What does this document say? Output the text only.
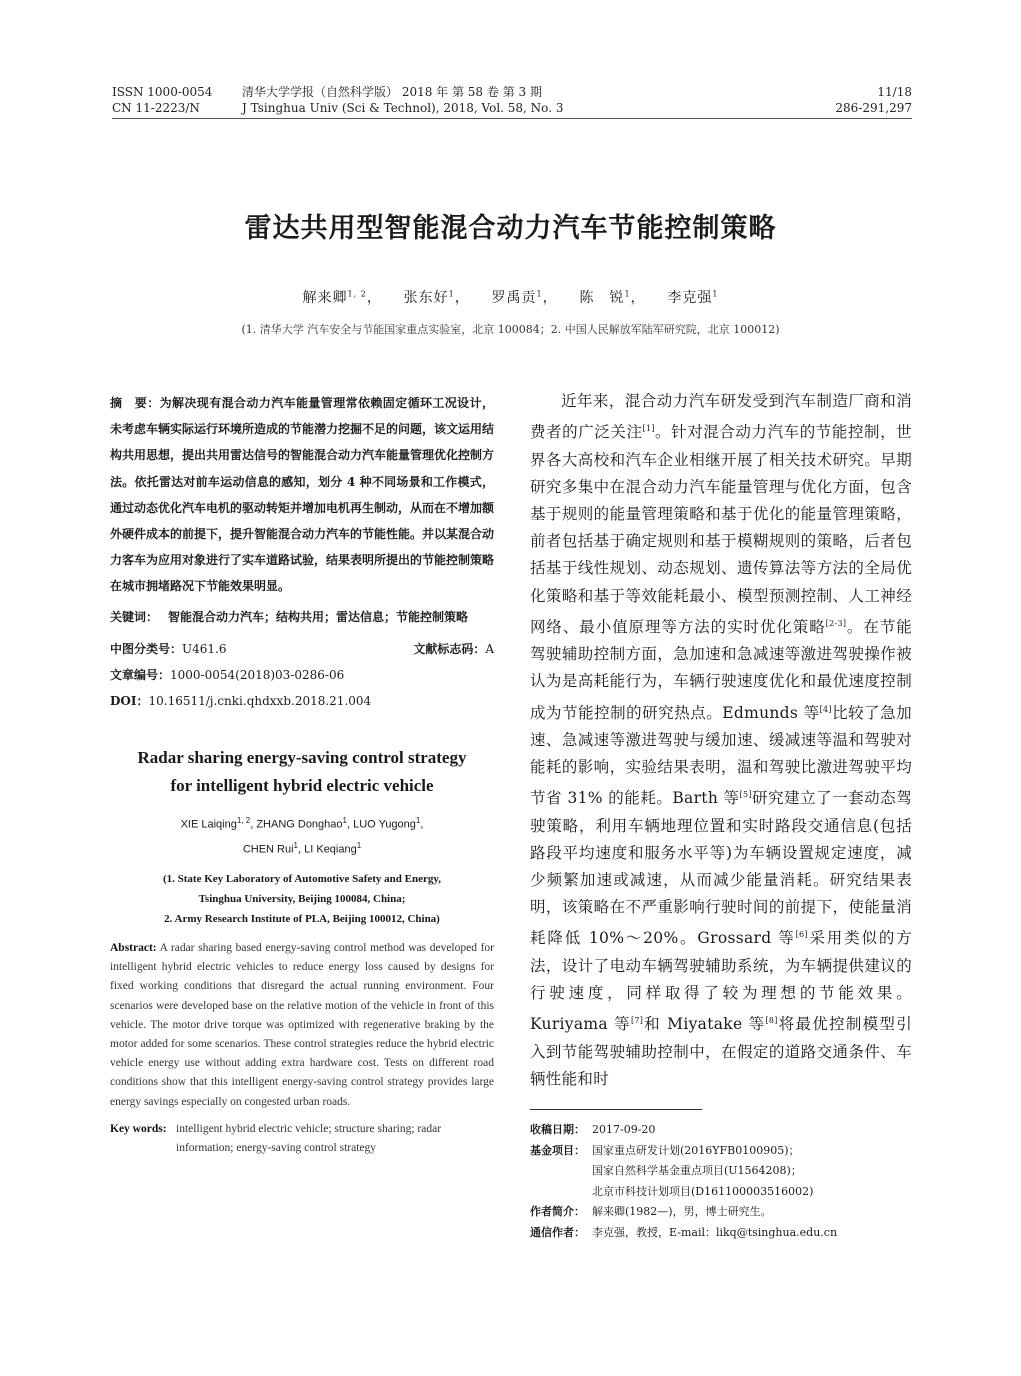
ISSN 1000-0054
CN 11-2223/N
清华大学学报（自然科学版） 2018 年 第 58 卷 第 3 期
J Tsinghua Univ (Sci & Technol), 2018, Vol. 58, No. 3
11/18
286-291,297
雷达共用型智能混合动力汽车节能控制策略
解来卿$^{1, 2}$，    张东好$^1$，    罗禹贡$^1$，    陈　锐$^1$，    李克强$^1$
(1. 清华大学 汽车安全与节能国家重点实验室，北京 100084；2. 中国人民解放军陆军研究院，北京 100012)
摘　要：为解决现有混合动力汽车能量管理常依赖固定循环工况设计，未考虑车辆实际运行环境所造成的节能潜力挖掘不足的问题，该文运用结构共用思想，提出共用雷达信号的智能混合动力汽车能量管理优化控制方法。依托雷达对前车运动信息的感知，划分 4 种不同场景和工作模式，通过动态优化汽车电机的驱动转矩并增加电机再生制动，从而在不增加额外硬件成本的前提下，提升智能混合动力汽车的节能性能。并以某混合动力客车为应用对象进行了实车道路试验，结果表明所提出的节能控制策略在城市拥堵路况下节能效果明显。
关键词： 智能混合动力汽车；结构共用；雷达信息；节能控制策略
中图分类号：U461.6	文献标志码：A
文章编号：1000-0054(2018)03-0286-06
DOI：10.16511/j.cnki.qhdxxb.2018.21.004
Radar sharing energy-saving control strategy
for intelligent hybrid electric vehicle
XIE Laiqing$^{1, 2}$, ZHANG Donghao$^1$, LUO Yugong$^1$,
CHEN Rui$^1$, LI Keqiang$^1$
(1. State Key Laboratory of Automotive Safety and Energy,
Tsinghua University, Beijing 100084, China;
2. Army Research Institute of PLA, Beijing 100012, China)
Abstract: A radar sharing based energy-saving control method was developed for intelligent hybrid electric vehicles to reduce energy loss caused by designs for fixed working conditions that disregard the actual running environment. Four scenarios were developed base on the relative motion of the vehicle in front of this vehicle. The motor drive torque was optimized with regenerative braking by the motor added for some scenarios. These control strategies reduce the hybrid electric vehicle energy use without adding extra hardware cost. Tests on different road conditions show that this intelligent energy-saving control strategy provides large energy savings especially on congested urban roads.
Key words: intelligent hybrid electric vehicle; structure sharing; radar information; energy-saving control strategy
近年来，混合动力汽车研发受到汽车制造厂商和消费者的广泛关注[1]。针对混合动力汽车的节能控制，世界各大高校和汽车企业相继开展了相关技术研究。早期研究多集中在混合动力汽车能量管理与优化方面，包含基于规则的能量管理策略和基于优化的能量管理策略，前者包括基于确定规则和基于模糊规则的策略，后者包括基于线性规划、动态规划、遗传算法等方法的全局优化策略和基于等效能耗最小、模型预测控制、人工神经网络、最小值原理等方法的实时优化策略[2-3]。在节能驾驶辅助控制方面，急加速和急减速等激进驾驶操作被认为是高耗能行为，车辆行驶速度优化和最优速度控制成为节能控制的研究热点。Edmunds 等[4]比较了急加速、急减速等激进驾驶与缓加速、缓减速等温和驾驶对能耗的影响，实验结果表明，温和驾驶比激进驾驶平均节省 31% 的能耗。Barth 等[5]研究建立了一套动态驾驶策略，利用车辆地理位置和实时路段交通信息(包括路段平均速度和服务水平等)为车辆设置规定速度，减少频繁加速或减速，从而减少能量消耗。研究结果表明，该策略在不严重影响行驶时间的前提下，使能量消耗降低 10%～20%。Grossard 等[6]采用类似的方法，设计了电动车辆驾驶辅助系统，为车辆提供建议的行驶速度，同样取得了较为理想的节能效果。Kuriyama 等[7]和 Miyatake 等[8]将最优控制模型引入到节能驾驶辅助控制中，在假定的道路交通条件、车辆性能和时
收稿日期： 2017-09-20
基金项目： 国家重点研发计划(2016YFB0100905)；
国家自然科学基金重点项目(U1564208)；
北京市科技计划项目(D161100003516002)
作者简介： 解来卿(1982—)，男，博士研究生。
通信作者： 李克强，教授，E-mail：likq@tsinghua.edu.cn
